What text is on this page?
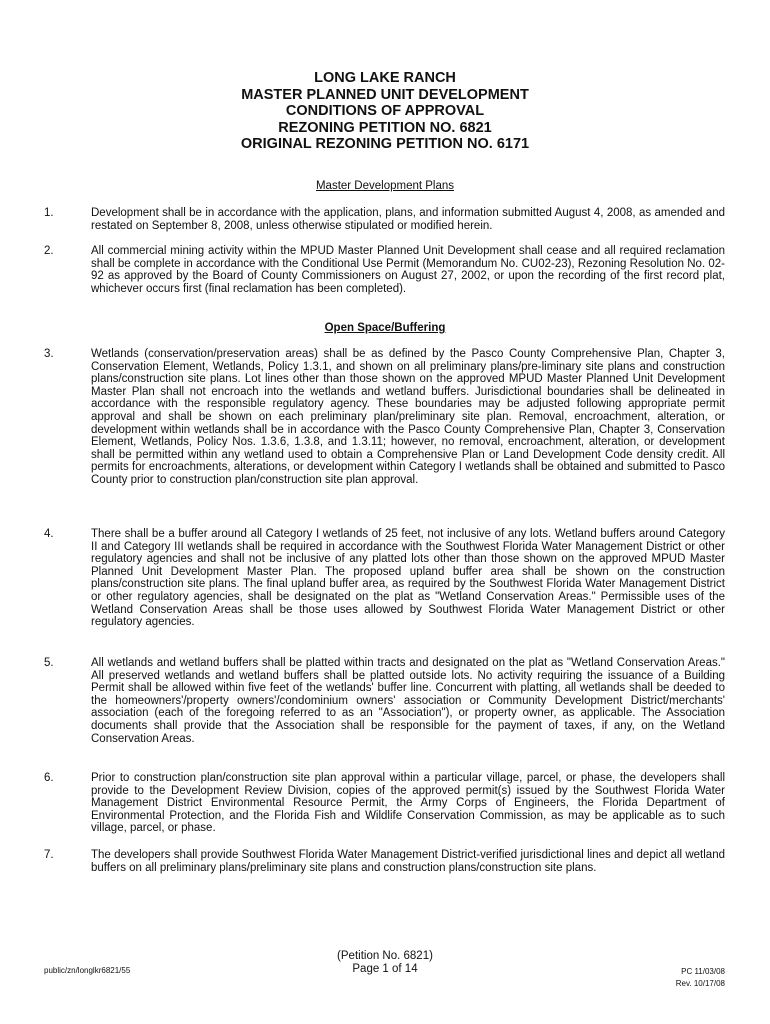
LONG LAKE RANCH
MASTER PLANNED UNIT DEVELOPMENT
CONDITIONS OF APPROVAL
REZONING PETITION NO. 6821
ORIGINAL REZONING PETITION NO. 6171
Master Development Plans
1.	Development shall be in accordance with the application, plans, and information submitted August 4, 2008, as amended and restated on September 8, 2008, unless otherwise stipulated or modified herein.
2.	All commercial mining activity within the MPUD Master Planned Unit Development shall cease and all required reclamation shall be complete in accordance with the Conditional Use Permit (Memorandum No. CU02-23), Rezoning Resolution No. 02-92 as approved by the Board of County Commissioners on August 27, 2002, or upon the recording of the first record plat, whichever occurs first (final reclamation has been completed).
Open Space/Buffering
3.	Wetlands (conservation/preservation areas) shall be as defined by the Pasco County Comprehensive Plan, Chapter 3, Conservation Element, Wetlands, Policy 1.3.1, and shown on all preliminary plans/pre-liminary site plans and construction plans/construction site plans. Lot lines other than those shown on the approved MPUD Master Planned Unit Development Master Plan shall not encroach into the wetlands and wetland buffers. Jurisdictional boundaries shall be delineated in accordance with the responsible regulatory agency. These boundaries may be adjusted following appropriate permit approval and shall be shown on each preliminary plan/preliminary site plan. Removal, encroachment, alteration, or development within wetlands shall be in accordance with the Pasco County Comprehensive Plan, Chapter 3, Conservation Element, Wetlands, Policy Nos. 1.3.6, 1.3.8, and 1.3.11; however, no removal, encroachment, alteration, or development shall be permitted within any wetland used to obtain a Comprehensive Plan or Land Development Code density credit. All permits for encroachments, alterations, or development within Category I wetlands shall be obtained and submitted to Pasco County prior to construction plan/construction site plan approval.
4.	There shall be a buffer around all Category I wetlands of 25 feet, not inclusive of any lots. Wetland buffers around Category II and Category III wetlands shall be required in accordance with the Southwest Florida Water Management District or other regulatory agencies and shall not be inclusive of any platted lots other than those shown on the approved MPUD Master Planned Unit Development Master Plan. The proposed upland buffer area shall be shown on the construction plans/construction site plans. The final upland buffer area, as required by the Southwest Florida Water Management District or other regulatory agencies, shall be designated on the plat as "Wetland Conservation Areas." Permissible uses of the Wetland Conservation Areas shall be those uses allowed by Southwest Florida Water Management District or other regulatory agencies.
5.	All wetlands and wetland buffers shall be platted within tracts and designated on the plat as "Wetland Conservation Areas." All preserved wetlands and wetland buffers shall be platted outside lots. No activity requiring the issuance of a Building Permit shall be allowed within five feet of the wetlands' buffer line. Concurrent with platting, all wetlands shall be deeded to the homeowners'/property owners'/condominium owners' association or Community Development District/merchants' association (each of the foregoing referred to as an "Association"), or property owner, as applicable. The Association documents shall provide that the Association shall be responsible for the payment of taxes, if any, on the Wetland Conservation Areas.
6.	Prior to construction plan/construction site plan approval within a particular village, parcel, or phase, the developers shall provide to the Development Review Division, copies of the approved permit(s) issued by the Southwest Florida Water Management District Environmental Resource Permit, the Army Corps of Engineers, the Florida Department of Environmental Protection, and the Florida Fish and Wildlife Conservation Commission, as may be applicable as to such village, parcel, or phase.
7.	The developers shall provide Southwest Florida Water Management District-verified jurisdictional lines and depict all wetland buffers on all preliminary plans/preliminary site plans and construction plans/construction site plans.
public/zn/longlkr6821/55
(Petition No. 6821)
Page 1 of 14	PC 11/03/08
Rev. 10/17/08
